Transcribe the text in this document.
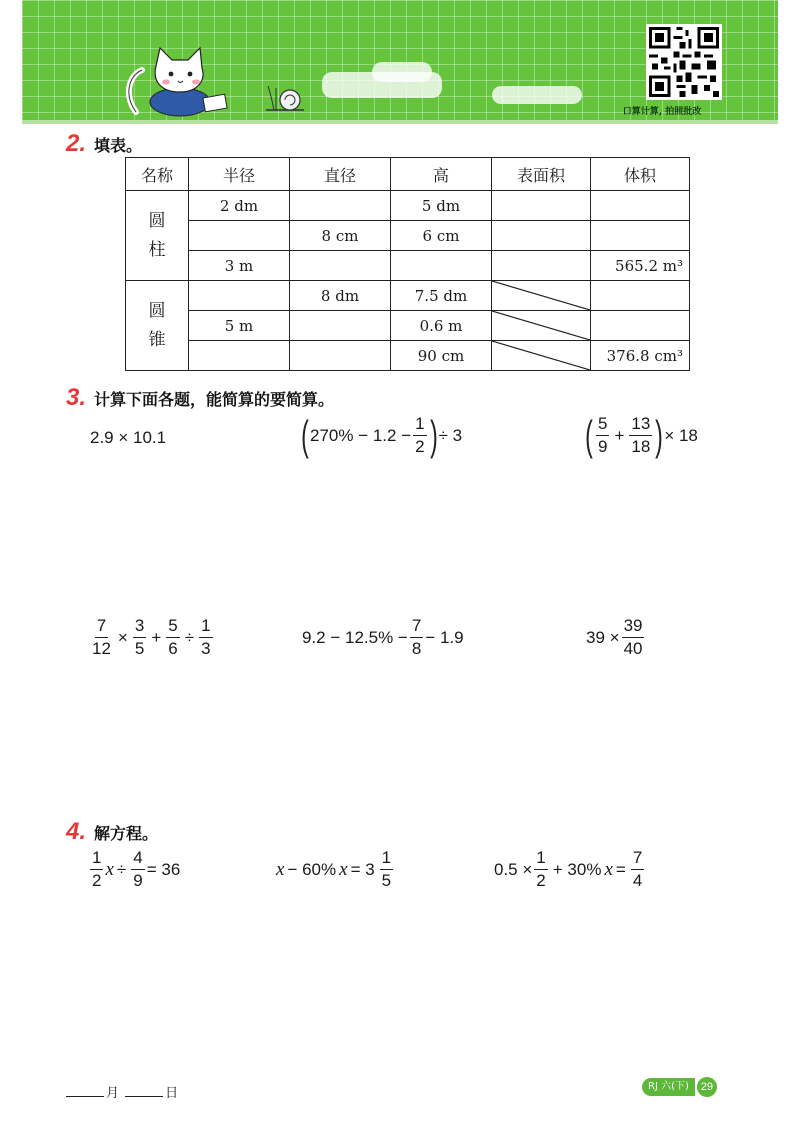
口算计算, 拍照批改
2. 填表。
名称	半径	直径	高	表面积	体积
圆柱	2 dm		5 dm		
		8 cm	6 cm		
	3 m				565.2 m³
圆锥		8 dm	7.5 dm	

	5 m		0.6 m	

			90 cm		376.8 cm³
3. 计算下面各题，能简算的要简算。
2.9 × 10.1	( $270\% - 1.2 - \frac{1}{2}$ ) ÷ 3	( $\frac{5}{9} + \frac{13}{18}$ ) × 18
$\frac{7}{12} \times \frac{3}{5} + \frac{5}{6} \div \frac{1}{3}$	$9.2 - 12.5\% - \frac{7}{8} - 1.9$	$39 \times \frac{39}{40}$
4. 解方程。
$\frac{1}{2}$ $x \div \frac{4}{9} = 36$	x − 60% $x = 3 \frac{1}{5}$	$0.5 \times \frac{1}{2} + 30\%$ $x = \frac{7}{4}$
月	日	RJ 六(下)	29
